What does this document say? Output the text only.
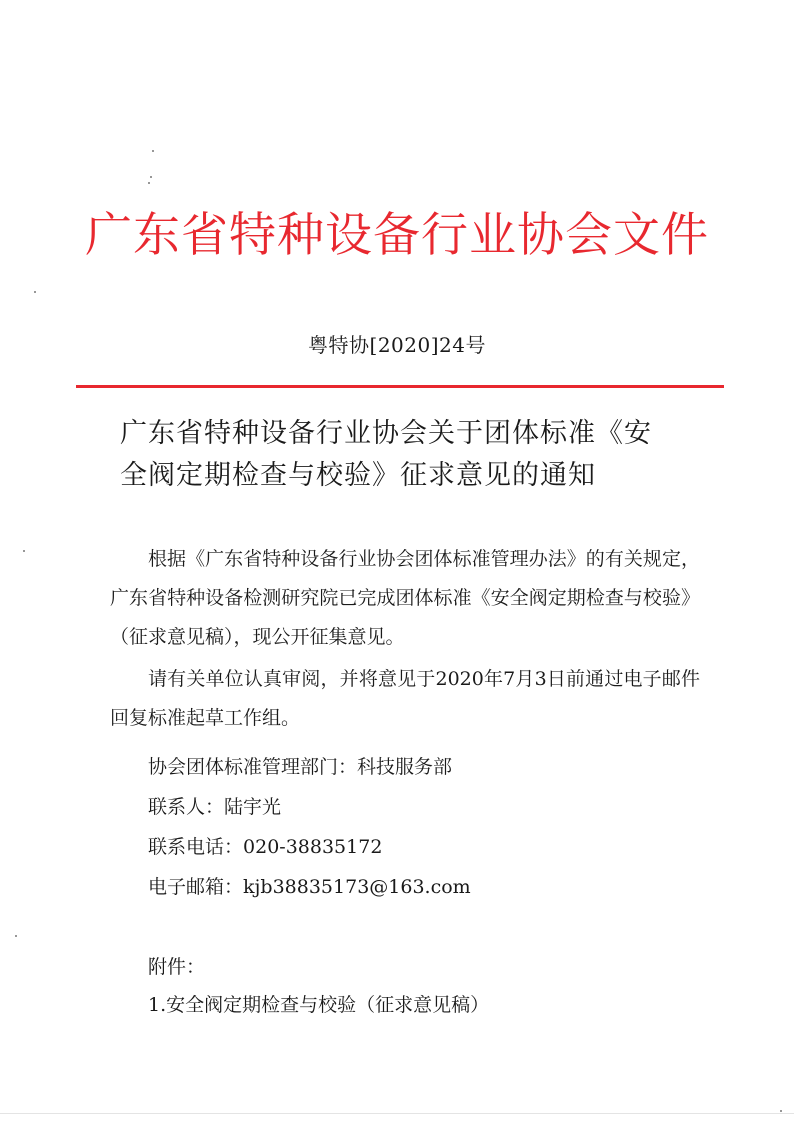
广东省特种设备行业协会文件
粤特协[2020]24号
广东省特种设备行业协会关于团体标准《安
全阀定期检查与校验》征求意见的通知

根据《广东省特种设备行业协会团体标准管理办法》的有关规定，广东省特种设备检测研究院已完成团体标准《安全阀定期检查与校验》（征求意见稿），现公开征集意见。

请有关单位认真审阅，并将意见于2020年7月3日前通过电子邮件回复标准起草工作组。

协会团体标准管理部门：科技服务部
联系人：陆宇光
联系电话：020-38835172
电子邮箱：kjb38835173@163.com
附件：
1.安全阀定期检查与校验（征求意见稿）
